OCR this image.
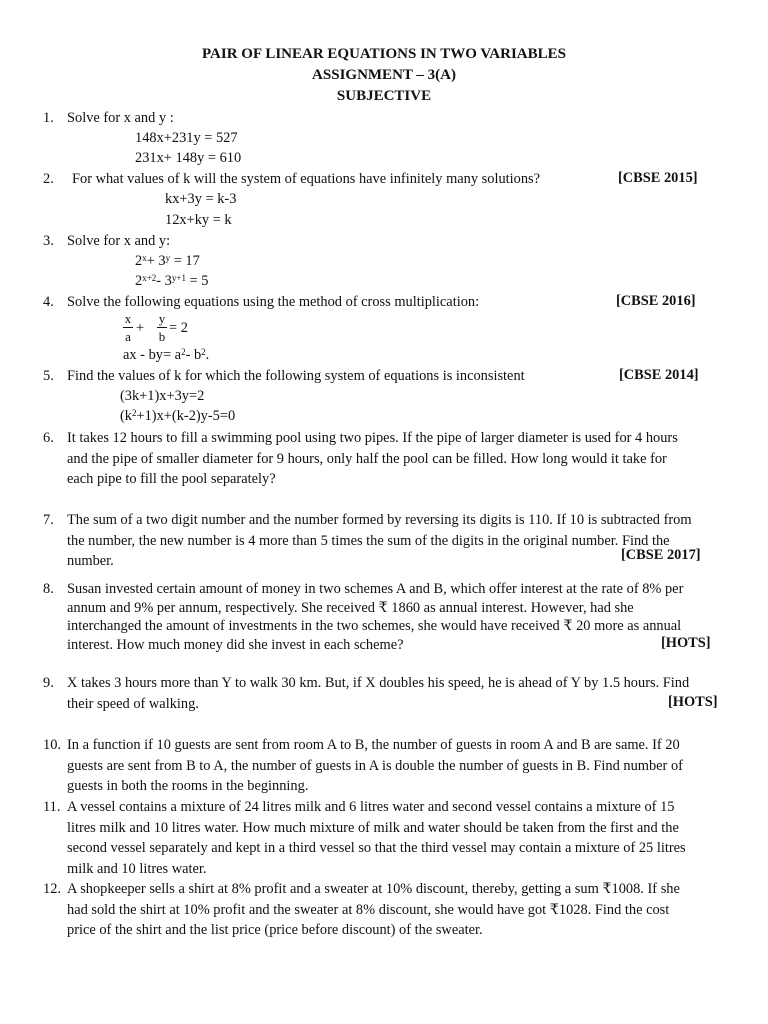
PAIR OF LINEAR EQUATIONS IN TWO VARIABLES
ASSIGNMENT – 3(A)
SUBJECTIVE
1. Solve for x and y :
148x+231y = 527
231x+ 148y = 610
2. For what values of k will the system of equations have infinitely many solutions?	[CBSE 2015]
kx+3y = k-3
12x+ky = k
3. Solve for x and y:
$2^x+ 3^y = 17$
$2^{x+2}-$ $3^{y+1} = 5$
4. Solve the following equations using the method of cross multiplication:	[CBSE 2016]
x
a
+
y
b
= 2
ax - $by= a^2-$ $b^2$.
5. Find the values of k for which the following system of equations is inconsistent	[CBSE 2014]
(3k+1)x+3y=2
$(k^2+1)x+(k-2)y-5=0$
6. It takes 12 hours to fill a swimming pool using two pipes. If the pipe of larger diameter is used for 4 hours

and the pipe of smaller diameter for 9 hours, only half the pool can be filled. How long would it take for

each pipe to fill the pool separately?

7. The sum of a two digit number and the number formed by reversing its digits is 110. If 10 is subtracted from

the number, the new number is 4 more than 5 times the sum of the digits in the original number. Find the

number.	[CBSE 2017]
8. Susan invested certain amount of money in two schemes A and B, which offer interest at the rate of 8% per

annum and 9% per annum, respectively. She received ₹ 1860 as annual interest. However, had she

interchanged the amount of investments in the two schemes, she would have received ₹ 20 more as annual

interest. How much money did she invest in each scheme?	[HOTS]
9. X takes 3 hours more than Y to walk 30 km. But, if X doubles his speed, he is ahead of Y by 1.5 hours. Find

their speed of walking.	[HOTS]
10. In a function if 10 guests are sent from room A to B, the number of guests in room A and B are same. If 20

guests are sent from B to A, the number of guests in A is double the number of guests in B. Find number of

guests in both the rooms in the beginning.

11. A vessel contains a mixture of 24 litres milk and 6 litres water and second vessel contains a mixture of 15

litres milk and 10 litres water. How much mixture of milk and water should be taken from the first and the

second vessel separately and kept in a third vessel so that the third vessel may contain a mixture of 25 litres

milk and 10 litres water.

12. A shopkeeper sells a shirt at 8% profit and a sweater at 10% discount, thereby, getting a sum ₹1008. If she

had sold the shirt at 10% profit and the sweater at 8% discount, she would have got ₹1028. Find the cost

price of the shirt and the list price (price before discount) of the sweater.
